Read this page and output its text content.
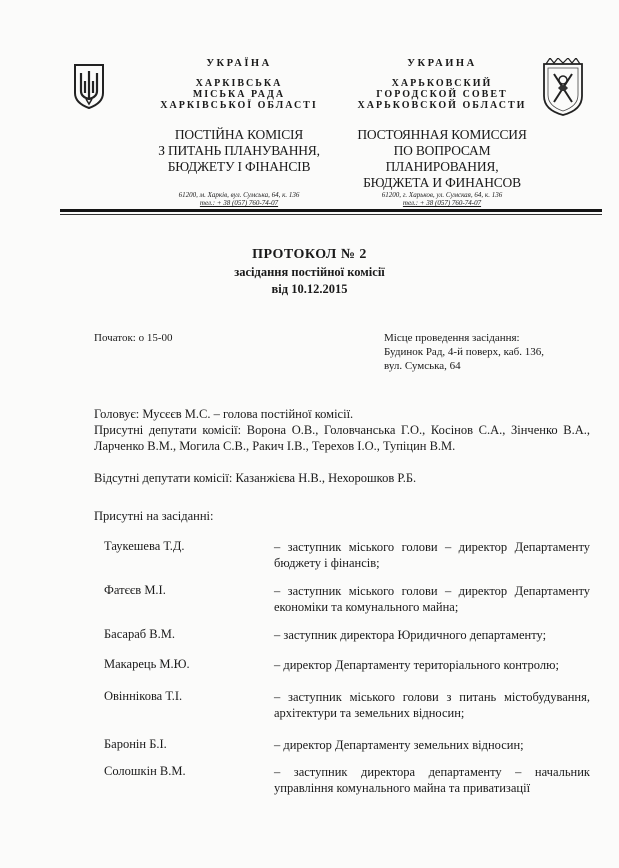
УКРАЇНА
ХАРКІВСЬКА
МІСЬКА РАДА
ХАРКІВСЬКОЇ ОБЛАСТІ
ПОСТІЙНА КОМІСІЯ
З ПИТАНЬ ПЛАНУВАННЯ,
БЮДЖЕТУ І ФІНАНСІВ
61200, м. Харків, вул. Сумська, 64, к. 136
тел.: + 38 (057) 760-74-07
УКРАИНА
ХАРЬКОВСКИЙ
ГОРОДСКОЙ СОВЕТ
ХАРЬКОВСКОЙ ОБЛАСТИ
ПОСТОЯННАЯ КОМИССИЯ
ПО ВОПРОСАМ ПЛАНИРОВАНИЯ,
БЮДЖЕТА И ФИНАНСОВ
61200, г. Харьков, ул. Сумская, 64, к. 136
тел.: + 38 (057) 760-74-07
ПРОТОКОЛ № 2
засідання постійної комісії
від 10.12.2015
Початок: о 15-00	Місце проведення засідання:
Будинок Рад, 4-й поверх, каб. 136,
вул. Сумська, 64
Головує: Мусєєв М.С. – голова постійної комісії.
Присутні депутати комісії: Ворона О.В., Головчанська Г.О., Косінов С.А., Зінченко В.А., Ларченко В.М., Могила С.В., Ракич І.В., Терехов І.О., Тупіцин В.М.
Відсутні депутати комісії: Казанжієва Н.В., Нехорошков Р.Б.
Присутні на засіданні:
Таукешева Т.Д.	– заступник міського голови – директор Департаменту бюджету і фінансів;
Фатєєв М.І.	– заступник міського голови – директор Департаменту економіки та комунального майна;
Басараб В.М.	– заступник директора Юридичного департаменту;
Макарець М.Ю.	– директор Департаменту територіального контролю;
Овіннікова Т.І.	– заступник міського голови з питань містобудування, архітектури та земельних відносин;
Баронін Б.І.	– директор Департаменту земельних відносин;
Солошкін В.М.	– заступник директора департаменту – начальник управління комунального майна та приватизації
